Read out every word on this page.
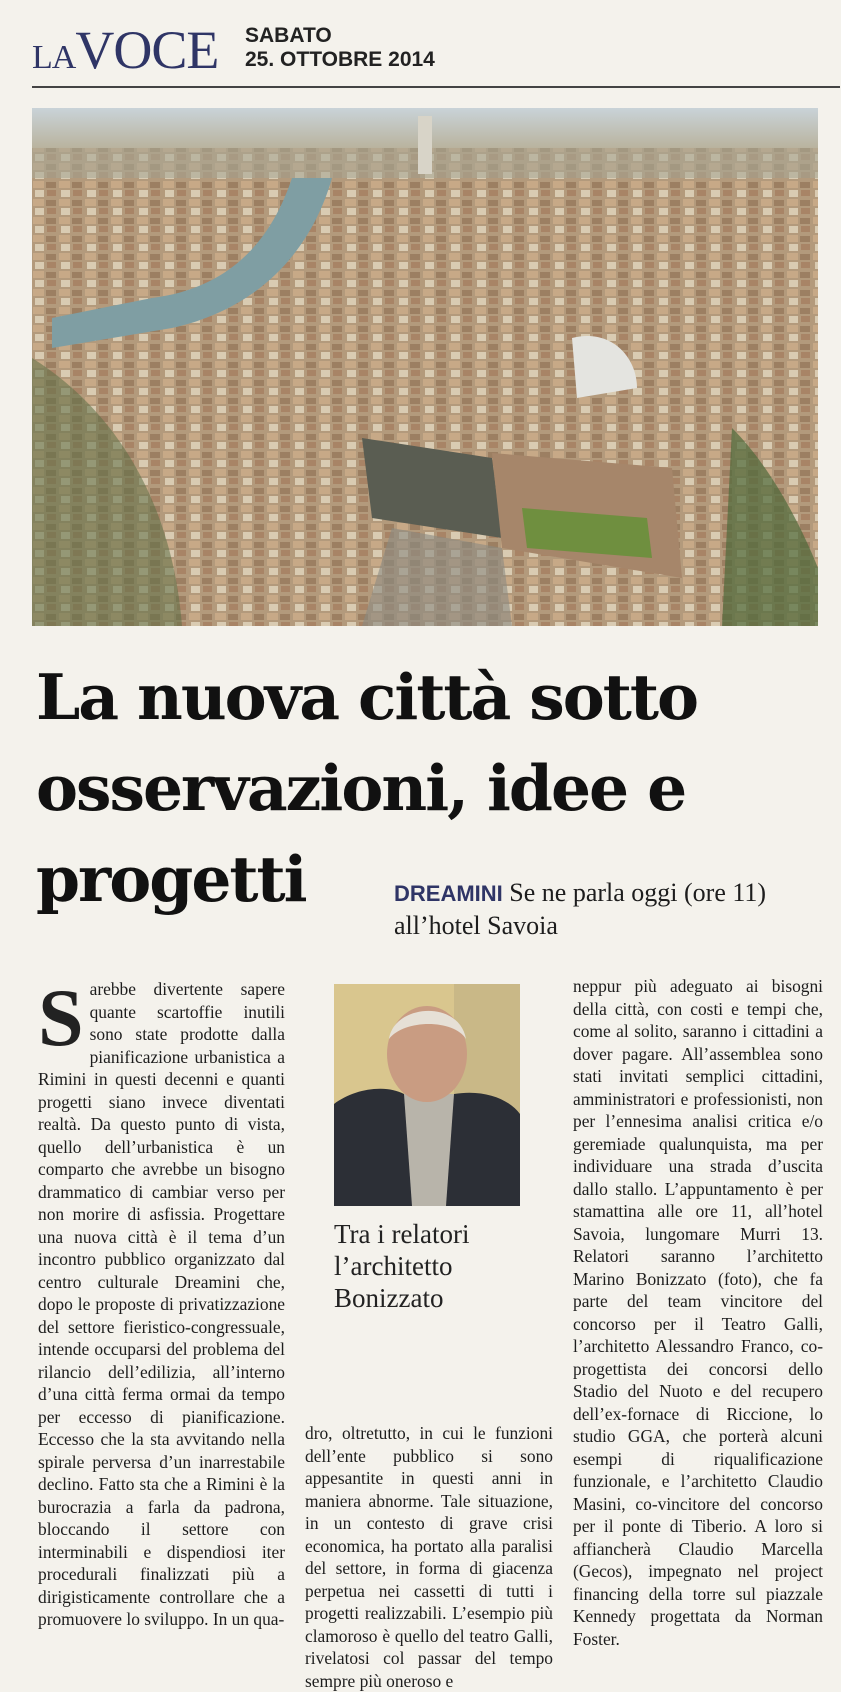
LAVOCE SABATO
25. OTTOBRE 2014
La nuova città sotto osservazioni, idee e progetti	DREAMINI Se ne parla oggi (ore 11) all’hotel Savoia
Sarebbe divertente sapere quante scartoffie inutili sono state prodotte dalla pianificazione urbanistica a Rimini in questi decenni e quanti progetti siano invece diventati realtà. Da questo punto di vista, quello dell’urbanistica è un comparto che avrebbe un bisogno drammatico di cambiar verso per non morire di asfissia. Progettare una nuova città è il tema d’un incontro pubblico organizzato dal centro culturale Dreamini che, dopo le proposte di privatizzazione del settore fieristico-congressuale, intende occuparsi del problema del rilancio dell’edilizia, all’interno d’una città ferma ormai da tempo per eccesso di pianificazione. Eccesso che la sta avvitando nella spirale perversa d’un inarrestabile declino. Fatto sta che a Rimini è la burocrazia a farla da padrona, bloccando il settore con interminabili e dispendiosi iter procedurali finalizzati più a dirigisticamente controllare che a promuovere lo sviluppo. In un qua-
Tra i relatori l’architetto Bonizzato
dro, oltretutto, in cui le funzioni dell’ente pubblico si sono appesantite in questi anni in maniera abnorme. Tale situazione, in un contesto di grave crisi economica, ha portato alla paralisi del settore, in forma di giacenza perpetua nei cassetti di tutti i progetti realizzabili. L’esempio più clamoroso è quello del teatro Galli, rivelatosi col passar del tempo sempre più oneroso e
neppur più adeguato ai bisogni della città, con costi e tempi che, come al solito, saranno i cittadini a dover pagare. All’assemblea sono stati invitati semplici cittadini, amministratori e professionisti, non per l’ennesima analisi critica e/o geremiade qualunquista, ma per individuare una strada d’uscita dallo stallo. L’appuntamento è per stamattina alle ore 11, all’hotel Savoia, lungomare Murri 13. Relatori saranno l’architetto Marino Bonizzato (foto), che fa parte del team vincitore del concorso per il Teatro Galli, l’architetto Alessandro Franco, co-progettista dei concorsi dello Stadio del Nuoto e del recupero dell’ex-fornace di Riccione, lo studio GGA, che porterà alcuni esempi di riqualificazione funzionale, e l’architetto Claudio Masini, co-vincitore del concorso per il ponte di Tiberio. A loro si affiancherà Claudio Marcella (Gecos), impegnato nel project financing della torre sul piazzale Kennedy progettata da Norman Foster.
